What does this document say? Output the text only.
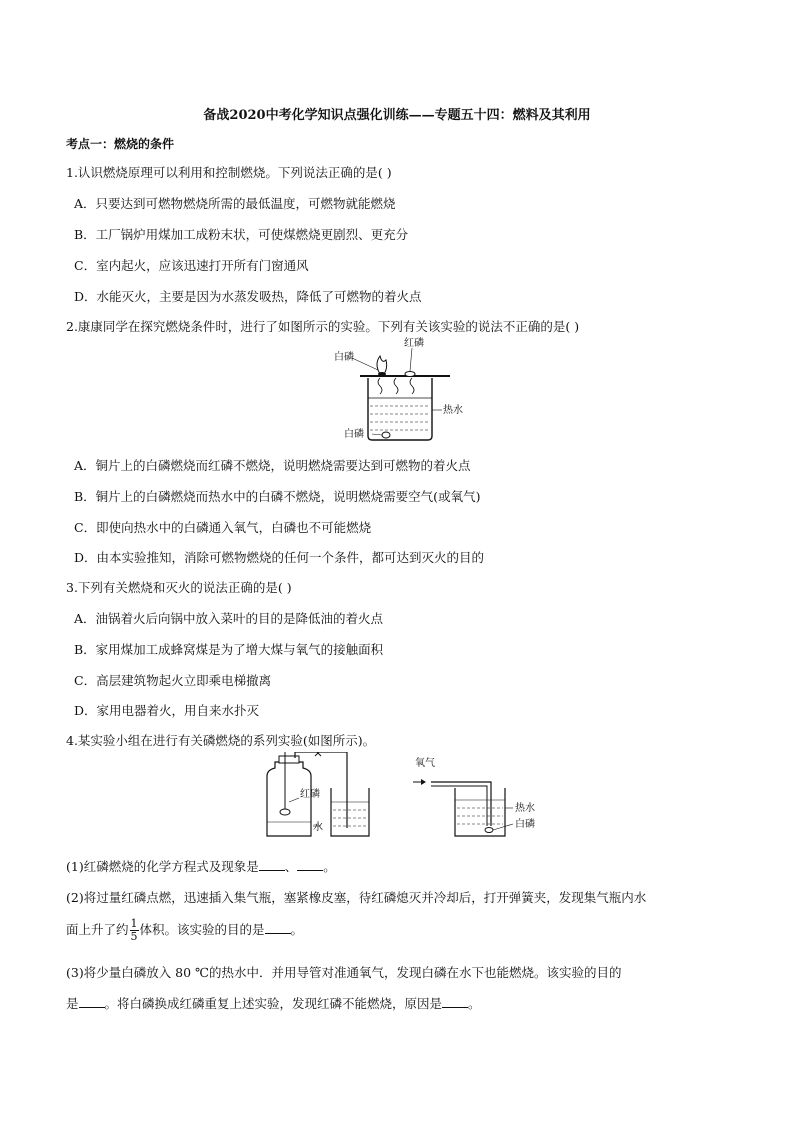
备战2020中考化学知识点强化训练——专题五十四：燃料及其利用
考点一：燃烧的条件
1.认识燃烧原理可以利用和控制燃烧。下列说法正确的是( )
A．只要达到可燃物燃烧所需的最低温度，可燃物就能燃烧
B．工厂锅炉用煤加工成粉末状，可使煤燃烧更剧烈、更充分
C．室内起火，应该迅速打开所有门窗通风
D．水能灭火，主要是因为水蒸发吸热，降低了可燃物的着火点
2.康康同学在探究燃烧条件时，进行了如图所示的实验。下列有关该实验的说法不正确的是( )
白磷
红磷
热水
白磷
A．铜片上的白磷燃烧而红磷不燃烧，说明燃烧需要达到可燃物的着火点
B．铜片上的白磷燃烧而热水中的白磷不燃烧，说明燃烧需要空气(或氧气)
C．即使向热水中的白磷通入氧气，白磷也不可能燃烧
D．由本实验推知，消除可燃物燃烧的任何一个条件，都可达到灭火的目的
3.下列有关燃烧和灭火的说法正确的是( )
A．油锅着火后向锅中放入菜叶的目的是降低油的着火点
B．家用煤加工成蜂窝煤是为了增大煤与氧气的接触面积
C．高层建筑物起火立即乘电梯撤离
D．家用电器着火，用自来水扑灭
4.某实验小组在进行有关磷燃烧的系列实验(如图所示)。
红磷
水
氧气
热水
白磷
(1)红磷燃烧的化学方程式及现象是 、 。
(2)将过量红磷点燃，迅速插入集气瓶，塞紧橡皮塞，待红磷熄灭并冷却后，打开弹簧夹，发现集气瓶内水
面上升了约 $\frac{1}{5}$ 体积。该实验的目的是 。
(3)将少量白磷放入 80 ℃的热水中．并用导管对准通氧气，发现白磷在水下也能燃烧。该实验的目的
是 。将白磷换成红磷重复上述实验，发现红磷不能燃烧，原因是 。
